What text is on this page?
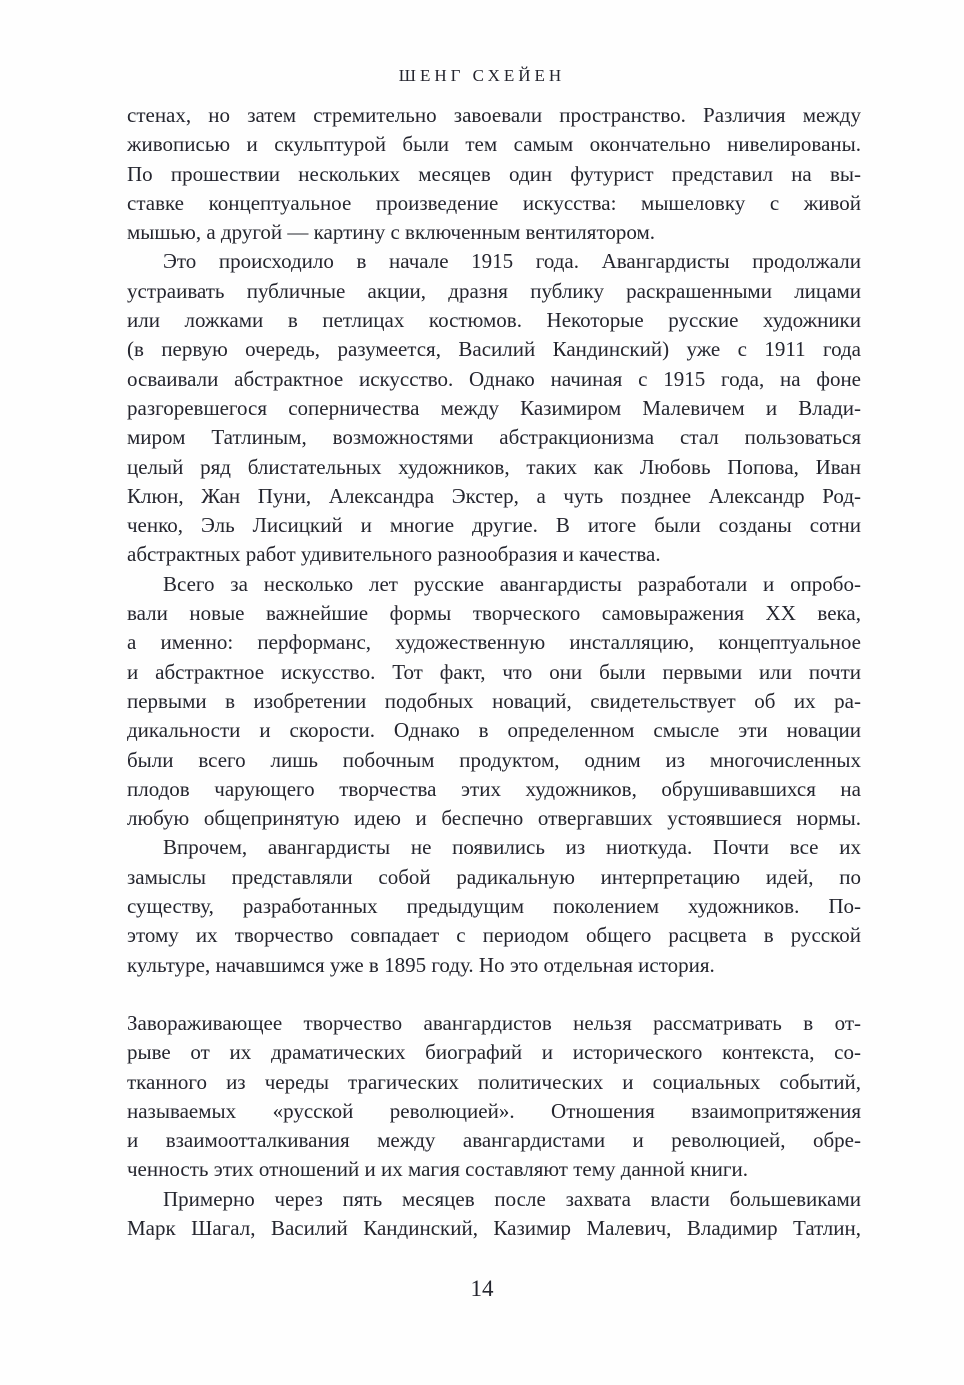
ШЕНГ СХЕЙЕН

стенах, но затем стремительно завоевали пространство. Различия между
живописью и скульптурой были тем самым окончательно нивелированы.
По прошествии нескольких месяцев один футурист представил на вы-
ставке концептуальное произведение искусства: мышеловку с живой
мышью, а другой — картину с включенным вентилятором.

Это происходило в начале 1915 года. Авангардисты продолжали
устраивать публичные акции, дразня публику раскрашенными лицами
или ложками в петлицах костюмов. Некоторые русские художники
(в первую очередь, разумеется, Василий Кандинский) уже с 1911 года
осваивали абстрактное искусство. Однако начиная с 1915 года, на фоне
разгоревшегося соперничества между Казимиром Малевичем и Влади-
миром Татлиным, возможностями абстракционизма стал пользоваться
целый ряд блистательных художников, таких как Любовь Попова, Иван
Клюн, Жан Пуни, Александра Экстер, а чуть позднее Александр Род-
ченко, Эль Лисицкий и многие другие. В итоге были созданы сотни
абстрактных работ удивительного разнообразия и качества.

Всего за несколько лет русские авангардисты разработали и опробо-
вали новые важнейшие формы творческого самовыражения XX века,
а именно: перформанс, художественную инсталляцию, концептуальное
и абстрактное искусство. Тот факт, что они были первыми или почти
первыми в изобретении подобных новаций, свидетельствует об их ра-
дикальности и скорости. Однако в определенном смысле эти новации
были всего лишь побочным продуктом, одним из многочисленных
плодов чарующего творчества этих художников, обрушивавшихся на
любую общепринятую идею и беспечно отвергавших устоявшиеся нормы.

Впрочем, авангардисты не появились из ниоткуда. Почти все их
замыслы представляли собой радикальную интерпретацию идей, по
существу, разработанных предыдущим поколением художников. По-
этому их творчество совпадает с периодом общего расцвета в русской
культуре, начавшимся уже в 1895 году. Но это отдельная история.

Завораживающее творчество авангардистов нельзя рассматривать в от-
рыве от их драматических биографий и исторического контекста, со-
тканного из череды трагических политических и социальных событий,
называемых «русской революцией». Отношения взаимопритяжения
и взаимоотталкивания между авангардистами и революцией, обре-
ченность этих отношений и их магия составляют тему данной книги.

Примерно через пять месяцев после захвата власти большевиками
Марк Шагал, Василий Кандинский, Казимир Малевич, Владимир Татлин,

14
